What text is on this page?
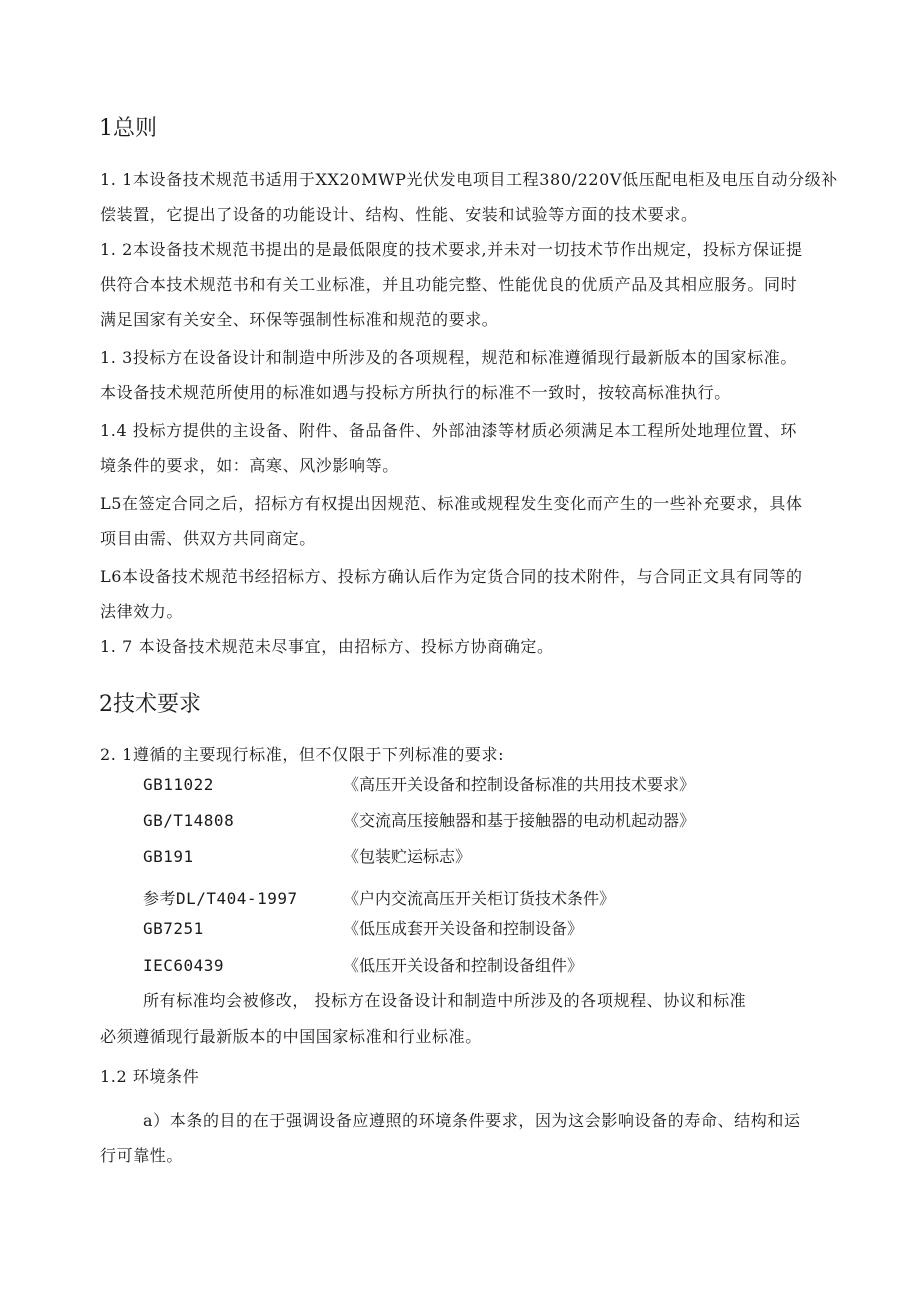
1总则
1. 1本设备技术规范书适用于XX20MWP光伏发电项目工程380/220V低压配电柜及电压自动分级补
偿装置，它提出了设备的功能设计、结构、性能、安装和试验等方面的技术要求。
1. 2本设备技术规范书提出的是最低限度的技术要求,并未对一切技术节作出规定，投标方保证提
供符合本技术规范书和有关工业标准，并且功能完整、性能优良的优质产品及其相应服务。同时
满足国家有关安全、环保等强制性标准和规范的要求。
1. 3投标方在设备设计和制造中所涉及的各项规程，规范和标准遵循现行最新版本的国家标准。
本设备技术规范所使用的标准如遇与投标方所执行的标准不一致时，按较高标准执行。
1.4 投标方提供的主设备、附件、备品备件、外部油漆等材质必须满足本工程所处地理位置、环
境条件的要求，如：高寒、风沙影响等。
L5在签定合同之后，招标方有权提出因规范、标准或规程发生变化而产生的一些补充要求，具体
项目由需、供双方共同商定。
L6本设备技术规范书经招标方、投标方确认后作为定货合同的技术附件，与合同正文具有同等的
法律效力。
1. 7 本设备技术规范未尽事宜，由招标方、投标方协商确定。
2技术要求
2. 1遵循的主要现行标准，但不仅限于下列标准的要求:
GB11022	《高压开关设备和控制设备标准的共用技术要求》
GB/T14808	《交流高压接触器和基于接触器的电动机起动器》
GB191	《包装贮运标志》
参考DL/T404-1997	《户内交流高压开关柜订货技术条件》
GB7251	《低压成套开关设备和控制设备》
IEC60439	《低压开关设备和控制设备组件》
所有标准均会被修改， 投标方在设备设计和制造中所涉及的各项规程、协议和标准
必须遵循现行最新版本的中国国家标准和行业标准。
1.2 环境条件
a）本条的目的在于强调设备应遵照的环境条件要求，因为这会影响设备的寿命、结构和运
行可靠性。
